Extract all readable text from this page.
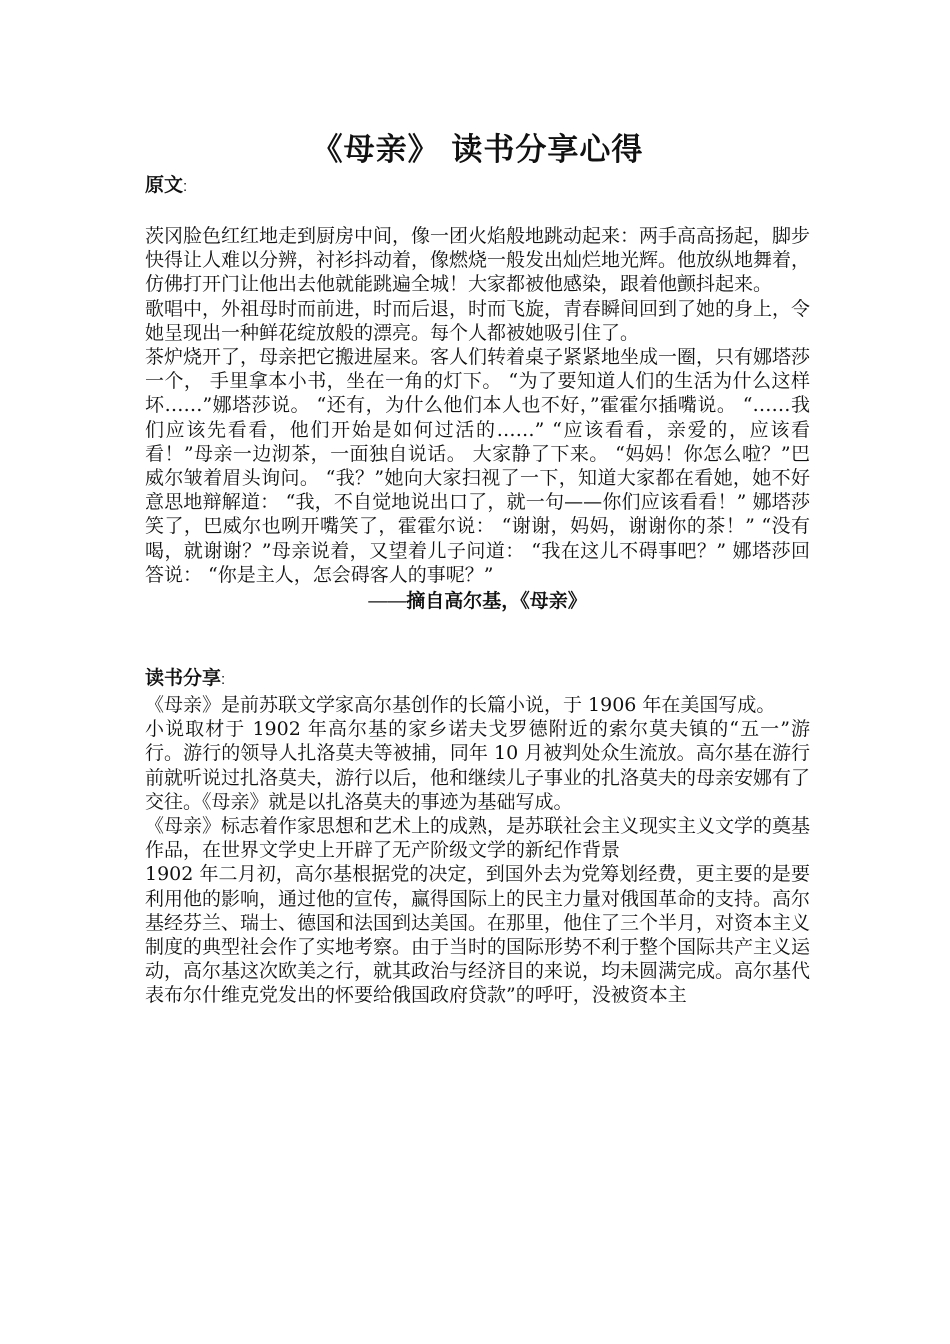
《母亲》 读书分享心得

原文:

茨冈脸色红红地走到厨房中间，像一团火焰般地跳动起来：两手高高扬起，脚步快得让人难以分辨，衬衫抖动着，像燃烧一般发出灿烂地光辉。他放纵地舞着，仿佛打开门让他出去他就能跳遍全城！大家都被他感染，跟着他颤抖起来。

歌唱中，外祖母时而前进，时而后退，时而飞旋，青春瞬间回到了她的身上，令她呈现出一种鲜花绽放般的漂亮。每个人都被她吸引住了。

茶炉烧开了，母亲把它搬进屋来。客人们转着桌子紧紧地坐成一圈，只有娜塔莎一个， 手里拿本小书，坐在一角的灯下。 “为了要知道人们的生活为什么这样坏……”娜塔莎说。 “还有，为什么他们本人也不好，”霍霍尔插嘴说。 “……我们应该先看看，他们开始是如何过活的……” “应该看看，亲爱的，应该看看！”母亲一边沏茶，一面独自说话。 大家静了下来。 “妈妈！你怎么啦？”巴威尔皱着眉头询问。 “我？”她向大家扫视了一下，知道大家都在看她，她不好意思地辩解道： “我，不自觉地说出口了，就一句——你们应该看看！” 娜塔莎笑了，巴威尔也咧开嘴笑了，霍霍尔说： “谢谢，妈妈，谢谢你的茶！” “没有喝，就谢谢？”母亲说着，又望着儿子问道： “我在这儿不碍事吧？” 娜塔莎回答说： “你是主人，怎会碍客人的事呢？”

——摘自高尔基，《母亲》

读书分享:

《母亲》是前苏联文学家高尔基创作的长篇小说，于 1906 年在美国写成。

小说取材于 1902 年高尔基的家乡诺夫戈罗德附近的索尔莫夫镇的“五一”游行。游行的领导人扎洛莫夫等被捕，同年 10 月被判处众生流放。高尔基在游行前就听说过扎洛莫夫，游行以后，他和继续儿子事业的扎洛莫夫的母亲安娜有了交往。《母亲》就是以扎洛莫夫的事迹为基础写成。

《母亲》标志着作家思想和艺术上的成熟，是苏联社会主义现实主义文学的奠基作品，在世界文学史上开辟了无产阶级文学的新纪作背景

1902 年二月初，高尔基根据党的决定，到国外去为党筹划经费，更主要的是要利用他的影响，通过他的宣传，赢得国际上的民主力量对俄国革命的支持。高尔基经芬兰、瑞士、德国和法国到达美国。在那里，他住了三个半月，对资本主义制度的典型社会作了实地考察。由于当时的国际形势不利于整个国际共产主义运动，高尔基这次欧美之行，就其政治与经济目的来说，均未圆满完成。高尔基代表布尔什维克党发出的怀要给俄国政府贷款”的呼吁，没被资本主
